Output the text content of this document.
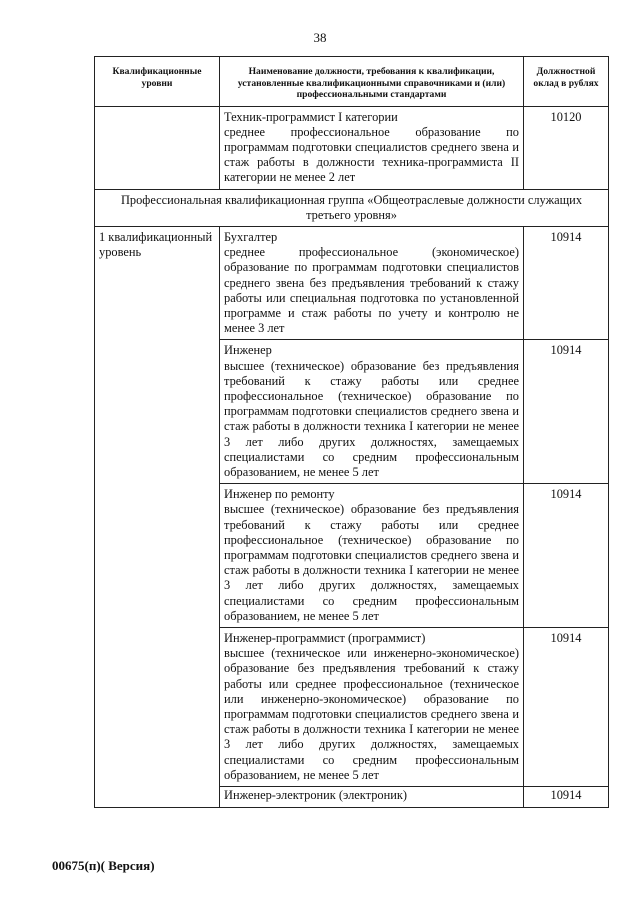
38
Квалификационные уровни	Наименование должности, требования к квалификации, установленные квалификационными справочниками и (или) профессиональными стандартами	Должностной оклад в рублях

	Техник-программист I категории
среднее профессиональное образование по программам подготовки специалистов среднего звена и стаж работы в должности техника-программиста II категории не менее 2 лет	10120
Профессиональная квалификационная группа «Общеотраслевые должности служащих третьего уровня»		
1 квалификационный уровень	Бухгалтер
среднее профессиональное (экономическое) образование по программам подготовки специалистов среднего звена без предъявления требований к стажу работы или специальная подготовка по установленной программе и стаж работы по учету и контролю не менее 3 лет	10914

	Инженер
высшее (техническое) образование без предъявления требований к стажу работы или среднее профессиональное (техническое) образование по программам подготовки специалистов среднего звена и стаж работы в должности техника I категории не менее 3 лет либо других должностях, замещаемых специалистами со средним профессиональным образованием, не менее 5 лет	10914

	Инженер по ремонту
высшее (техническое) образование без предъявления требований к стажу работы или среднее профессиональное (техническое) образование по программам подготовки специалистов среднего звена и стаж работы в должности техника I категории не менее 3 лет либо других должностях, замещаемых специалистами со средним профессиональным образованием, не менее 5 лет	10914

	Инженер-программист (программист)
высшее (техническое или инженерно-экономическое) образование без предъявления требований к стажу работы или среднее профессиональное (техническое или инженерно-экономическое) образование по программам подготовки специалистов среднего звена и стаж работы в должности техника I категории не менее 3 лет либо других должностях, замещаемых специалистами со средним профессиональным образованием, не менее 5 лет	10914

	Инженер-электроник (электроник)	10914
00675(п)( Версия)
